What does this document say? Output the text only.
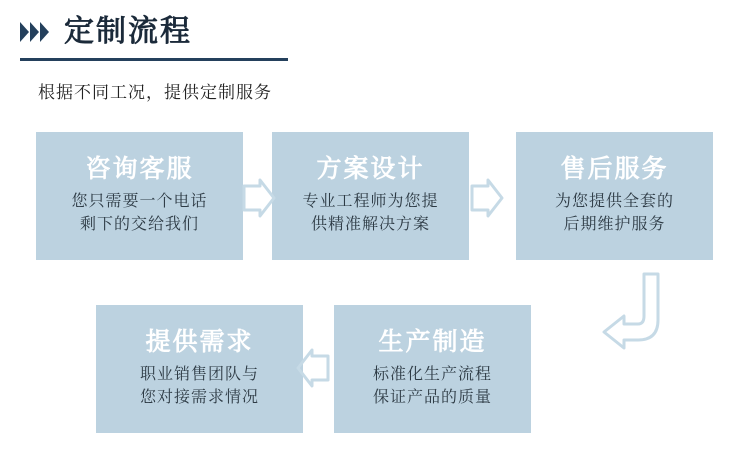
定制流程
根据不同工况，提供定制服务
咨询客服
您只需要一个电话
剩下的交给我们
方案设计
专业工程师为您提
供精准解决方案
售后服务
为您提供全套的
后期维护服务
生产制造
标准化生产流程
保证产品的质量
提供需求
职业销售团队与
您对接需求情况
